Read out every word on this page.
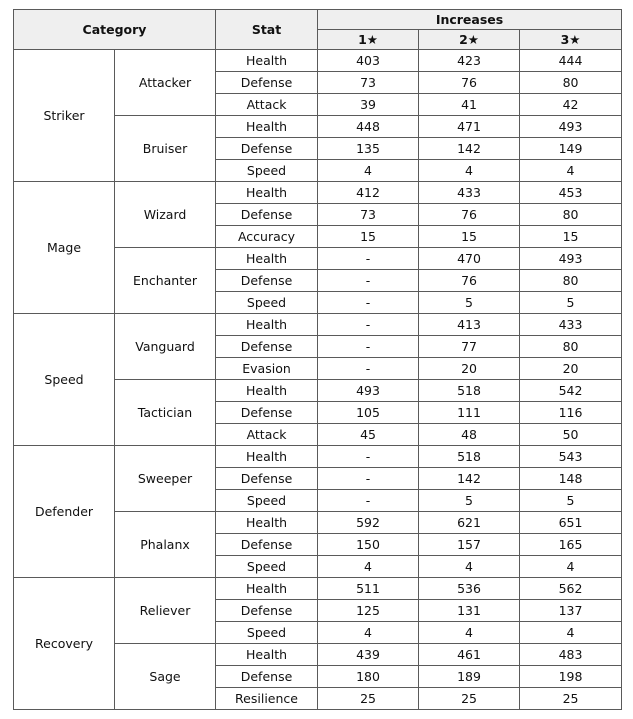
Category		Stat	Increases		
			1★	2★	3★
Striker	Attacker	Health	403	423	444
		Defense	73	76	80
		Attack	39	41	42
	Bruiser	Health	448	471	493
		Defense	135	142	149
		Speed	4	4	4
Mage	Wizard	Health	412	433	453
		Defense	73	76	80
		Accuracy	15	15	15
	Enchanter	Health	-	470	493
		Defense	-	76	80
		Speed	-	5	5
Speed	Vanguard	Health	-	413	433
		Defense	-	77	80
		Evasion	-	20	20
	Tactician	Health	493	518	542
		Defense	105	111	116
		Attack	45	48	50
Defender	Sweeper	Health	-	518	543
		Defense	-	142	148
		Speed	-	5	5
	Phalanx	Health	592	621	651
		Defense	150	157	165
		Speed	4	4	4
Recovery	Reliever	Health	511	536	562
		Defense	125	131	137
		Speed	4	4	4
	Sage	Health	439	461	483
		Defense	180	189	198
		Resilience	25	25	25
